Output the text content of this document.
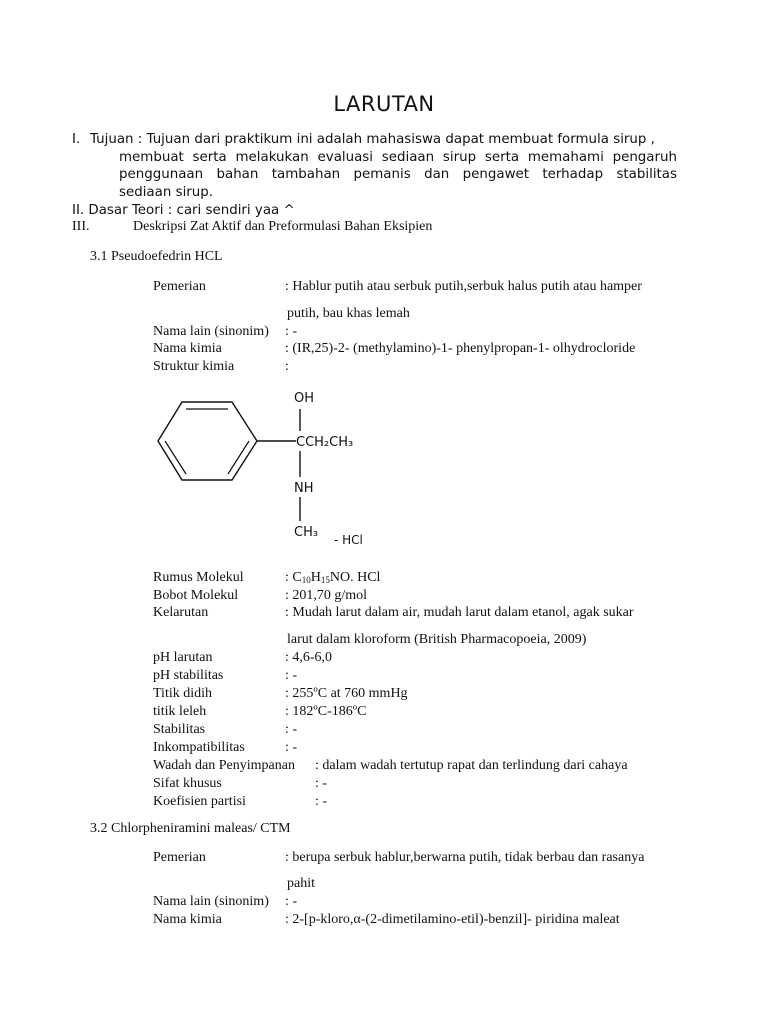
LARUTAN
I. Tujuan : Tujuan dari praktikum ini adalah mahasiswa dapat membuat formula sirup ,
membuat serta melakukan evaluasi sediaan sirup serta memahami pengaruh
penggunaan bahan tambahan pemanis dan pengawet terhadap stabilitas
sediaan sirup.
II. Dasar Teori : cari sendiri yaa ^
III.	Deskripsi Zat Aktif dan Preformulasi Bahan Eksipien
3.1 Pseudoefedrin HCL
Pemerian	: Hablur putih atau serbuk putih,serbuk halus putih atau hamper
putih, bau khas lemah
Nama lain (sinonim) : -
Nama kimia	: (IR,25)-2- (methylamino)-1- phenylpropan-1- olhydrocloride
Struktur kimia	:
OH
CCH₂CH₃
NH
CH₃ - HCl
Rumus Molekul	: $C_{10}H_{15}NO$. HCl
Bobot Molekul	: 201,70 g/mol
Kelarutan	: Mudah larut dalam air, mudah larut dalam etanol, agak sukar
larut dalam kloroform (British Pharmacopoeia, 2009)
pH larutan	: 4,6-6,0
pH stabilitas	: -
Titik didih	: 255ºC at 760 mmHg
titik leleh	: 182ºC-186ºC
Stabilitas	: -
Inkompatibilitas	: -
Wadah dan Penyimpanan : dalam wadah tertutup rapat dan terlindung dari cahaya
Sifat khusus	: -
Koefisien partisi	: -
3.2 Chlorpheniramini maleas/ CTM
Pemerian	: berupa serbuk hablur,berwarna putih, tidak berbau dan rasanya
pahit
Nama lain (sinonim) : -
Nama kimia	: 2-[p-kloro,α-(2-dimetilamino-etil)-benzil]- piridina maleat
